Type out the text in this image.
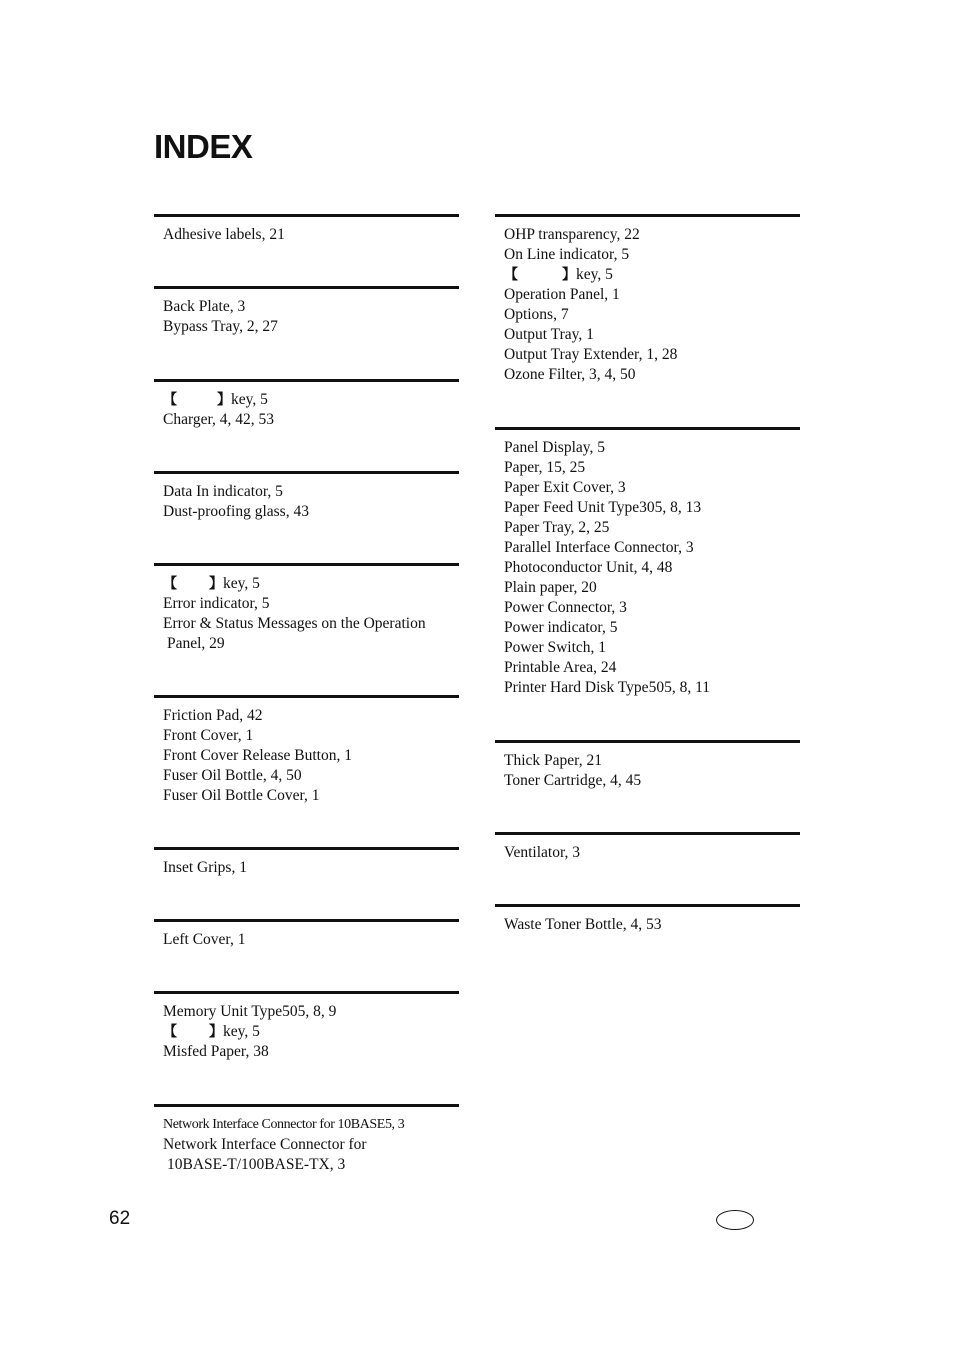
INDEX
Adhesive labels, 21
Back Plate, 3
Bypass Tray, 2, 27
【	】key, 5
Charger, 4, 42, 53
Data In indicator, 5
Dust-proofing glass, 43
【 】key, 5
Error indicator, 5
Error & Status Messages on the Operation
Panel, 29
Friction Pad, 42
Front Cover, 1
Front Cover Release Button, 1
Fuser Oil Bottle, 4, 50
Fuser Oil Bottle Cover, 1
Inset Grips, 1
Left Cover, 1
Memory Unit Type505, 8, 9
【 】key, 5
Misfed Paper, 38
Network Interface Connector for 10BASE5, 3
Network Interface Connector for
10BASE-T/100BASE-TX, 3
OHP transparency, 22
On Line indicator, 5
【	】key, 5
Operation Panel, 1
Options, 7
Output Tray, 1
Output Tray Extender, 1, 28
Ozone Filter, 3, 4, 50
Panel Display, 5
Paper, 15, 25
Paper Exit Cover, 3
Paper Feed Unit Type305, 8, 13
Paper Tray, 2, 25
Parallel Interface Connector, 3
Photoconductor Unit, 4, 48
Plain paper, 20
Power Connector, 3
Power indicator, 5
Power Switch, 1
Printable Area, 24
Printer Hard Disk Type505, 8, 11
Thick Paper, 21
Toner Cartridge, 4, 45
Ventilator, 3
Waste Toner Bottle, 4, 53
62
